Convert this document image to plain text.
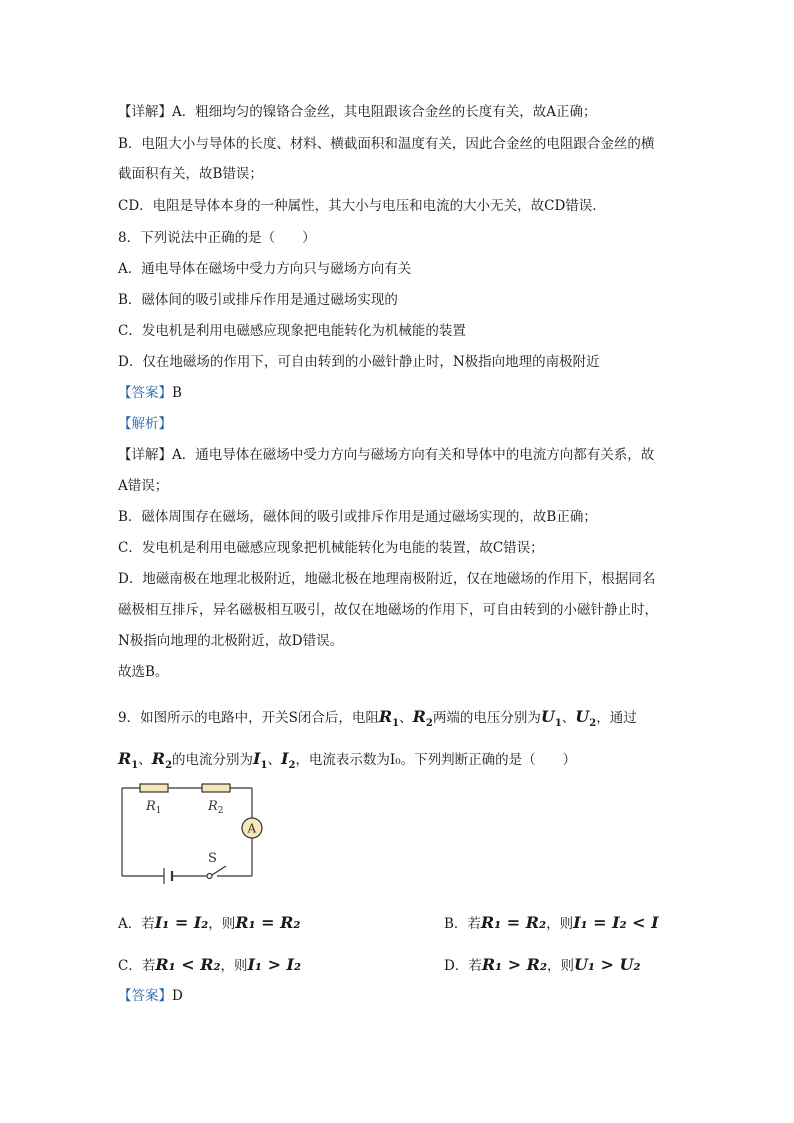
【详解】A．粗细均匀的镍铬合金丝，其电阻跟该合金丝的长度有关，故A正确；
B．电阻大小与导体的长度、材料、横截面积和温度有关，因此合金丝的电阻跟合金丝的横
截面积有关，故B错误；
CD．电阻是导体本身的一种属性，其大小与电压和电流的大小无关，故CD错误．
8．下列说法中正确的是（　　）
A．通电导体在磁场中受力方向只与磁场方向有关
B．磁体间的吸引或排斥作用是通过磁场实现的
C．发电机是利用电磁感应现象把电能转化为机械能的装置
D．仅在地磁场的作用下，可自由转到的小磁针静止时，N极指向地理的南极附近
【答案】B
【解析】
【详解】A．通电导体在磁场中受力方向与磁场方向有关和导体中的电流方向都有关系，故
A错误；
B．磁体周围存在磁场，磁体间的吸引或排斥作用是通过磁场实现的，故B正确；
C．发电机是利用电磁感应现象把机械能转化为电能的装置，故C错误；
D．地磁南极在地理北极附近，地磁北极在地理南极附近，仅在地磁场的作用下，根据同名
磁极相互排斥，异名磁极相互吸引，故仅在地磁场的作用下，可自由转到的小磁针静止时，
N极指向地理的北极附近，故D错误。
故选B。
9．如图所示的电路中，开关S闭合后，电阻$R_1$、$R_2$两端的电压分别为$U_1$、$U_2$，通过
$R_1$、$R_2$的电流分别为$I_1$、$I_2$，电流表示数为I₀。下列判断正确的是（　　）
$R_1$	$R_2$
A
S
A．若I₁ = I₂，则R₁ = R₂	B．若R₁ = R₂，则I₁ = I₂ < I
C．若R₁ < R₂，则I₁ > I₂	D．若R₁ > R₂，则U₁ > U₂
【答案】D
